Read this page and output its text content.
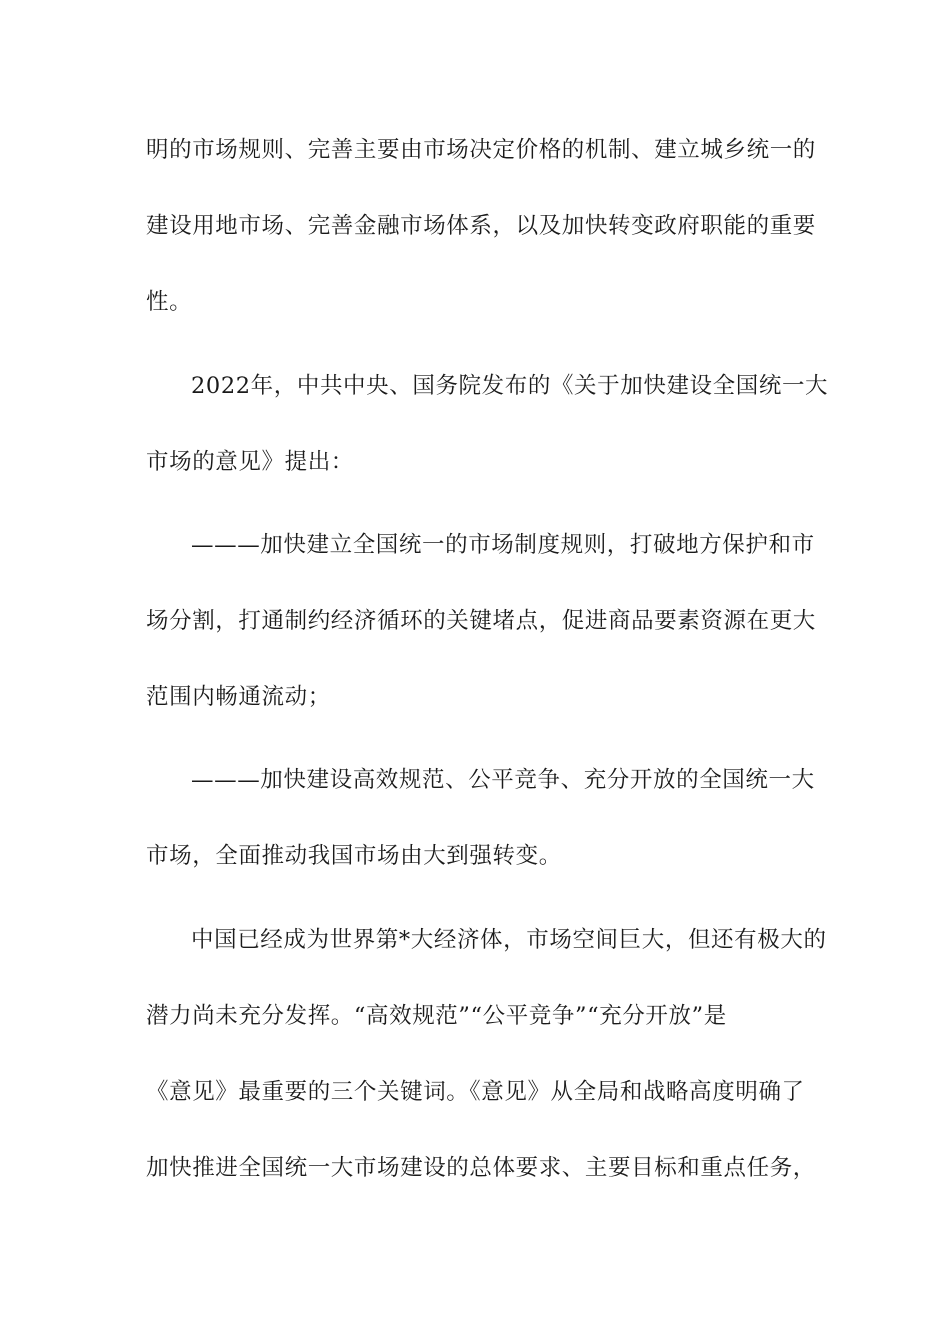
明的市场规则、完善主要由市场决定价格的机制、建立城乡统一的
建设用地市场、完善金融市场体系，以及加快转变政府职能的重要
性。
2022年，中共中央、国务院发布的《关于加快建设全国统一大
市场的意见》提出：
———加快建立全国统一的市场制度规则，打破地方保护和市
场分割，打通制约经济循环的关键堵点，促进商品要素资源在更大
范围内畅通流动；
———加快建设高效规范、公平竞争、充分开放的全国统一大
市场，全面推动我国市场由大到强转变。
中国已经成为世界第*大经济体，市场空间巨大，但还有极大的
潜力尚未充分发挥。“高效规范”“公平竞争”“充分开放”是
《意见》最重要的三个关键词。《意见》从全局和战略高度明确了
加快推进全国统一大市场建设的总体要求、主要目标和重点任务，
